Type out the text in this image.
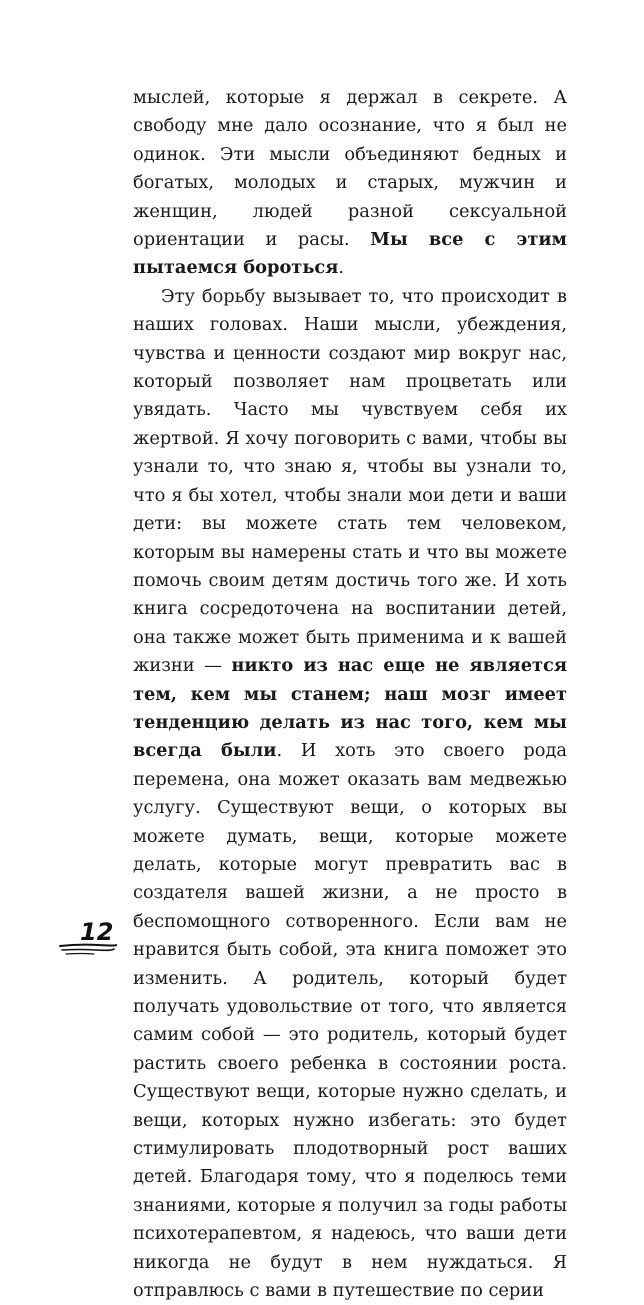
мыслей, которые я держал в секрете. А свободу мне дало осознание, что я был не одинок. Эти мысли объединяют бедных и богатых, молодых и старых, мужчин и женщин, людей разной сексуальной ориентации и расы. Мы все с этим пытаемся бороться.

Эту борьбу вызывает то, что происходит в наших головах. Наши мысли, убеждения, чувства и ценности создают мир вокруг нас, который позволяет нам процветать или увядать. Часто мы чувствуем себя их жертвой. Я хочу поговорить с вами, чтобы вы узнали то, что знаю я, чтобы вы узнали то, что я бы хотел, чтобы знали мои дети и ваши дети: вы можете стать тем человеком, которым вы намерены стать и что вы можете помочь своим детям достичь того же. И хоть книга сосредоточена на воспитании детей, она также может быть применима и к вашей жизни — никто из нас еще не является тем, кем мы станем; наш мозг имеет тенденцию делать из нас того, кем мы всегда были. И хоть это своего рода перемена, она может оказать вам медвежью услугу. Существуют вещи, о которых вы можете думать, вещи, которые можете делать, которые могут превратить вас в создателя вашей жизни, а не просто в беспомощного сотворенного. Если вам не нравится быть собой, эта книга поможет это изменить. А родитель, который будет получать удовольствие от того, что является самим собой — это родитель, который будет растить своего ребенка в состоянии роста. Существуют вещи, которые нужно сделать, и вещи, которых нужно избегать: это будет стимулировать плодотворный рост ваших детей. Благодаря тому, что я поделюсь теми знаниями, которые я получил за годы работы психотерапевтом, я надеюсь, что ваши дети никогда не будут в нем нуждаться. Я отправлюсь с вами в путешествие по серии

12
